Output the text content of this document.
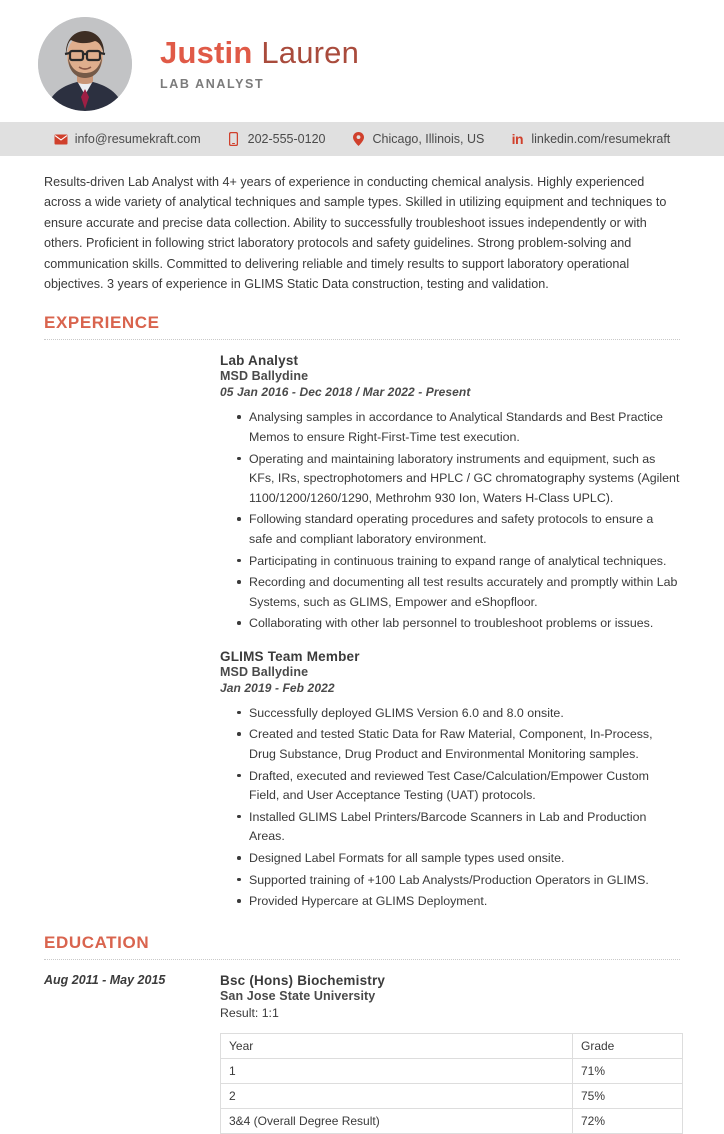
Justin Lauren
LAB ANALYST
info@resumekraft.com	202-555-0120	Chicago, Illinois, US in linkedin.com/resumekraft
Results-driven Lab Analyst with 4+ years of experience in conducting chemical analysis. Highly experienced across a wide variety of analytical techniques and sample types. Skilled in utilizing equipment and techniques to ensure accurate and precise data collection. Ability to successfully troubleshoot issues independently or with others. Proficient in following strict laboratory protocols and safety guidelines. Strong problem-solving and communication skills. Committed to delivering reliable and timely results to support laboratory operational objectives. 3 years of experience in GLIMS Static Data construction, testing and validation.
EXPERIENCE
Lab Analyst
MSD Ballydine
05 Jan 2016 - Dec 2018 / Mar 2022 - Present
Analysing samples in accordance to Analytical Standards and Best Practice Memos to ensure Right-First-Time test execution.
Operating and maintaining laboratory instruments and equipment, such as KFs, IRs, spectrophotomers and HPLC / GC chromatography systems (Agilent 1100/1200/1260/1290, Methrohm 930 Ion, Waters H-Class UPLC).
Following standard operating procedures and safety protocols to ensure a safe and compliant laboratory environment.
Participating in continuous training to expand range of analytical techniques.
Recording and documenting all test results accurately and promptly within Lab Systems, such as GLIMS, Empower and eShopfloor.
Collaborating with other lab personnel to troubleshoot problems or issues.
GLIMS Team Member
MSD Ballydine
Jan 2019 - Feb 2022
Successfully deployed GLIMS Version 6.0 and 8.0 onsite.
Created and tested Static Data for Raw Material, Component, In-Process, Drug Substance, Drug Product and Environmental Monitoring samples.
Drafted, executed and reviewed Test Case/Calculation/Empower Custom Field, and User Acceptance Testing (UAT) protocols.
Installed GLIMS Label Printers/Barcode Scanners in Lab and Production Areas.
Designed Label Formats for all sample types used onsite.
Supported training of +100 Lab Analysts/Production Operators in GLIMS.
Provided Hypercare at GLIMS Deployment.
EDUCATION
Aug 2011 - May 2015	Bsc (Hons) Biochemistry
San Jose State University
Result: 1:1
Year	Grade
1	71%
2	75%
3&4 (Overall Degree Result)	72%
